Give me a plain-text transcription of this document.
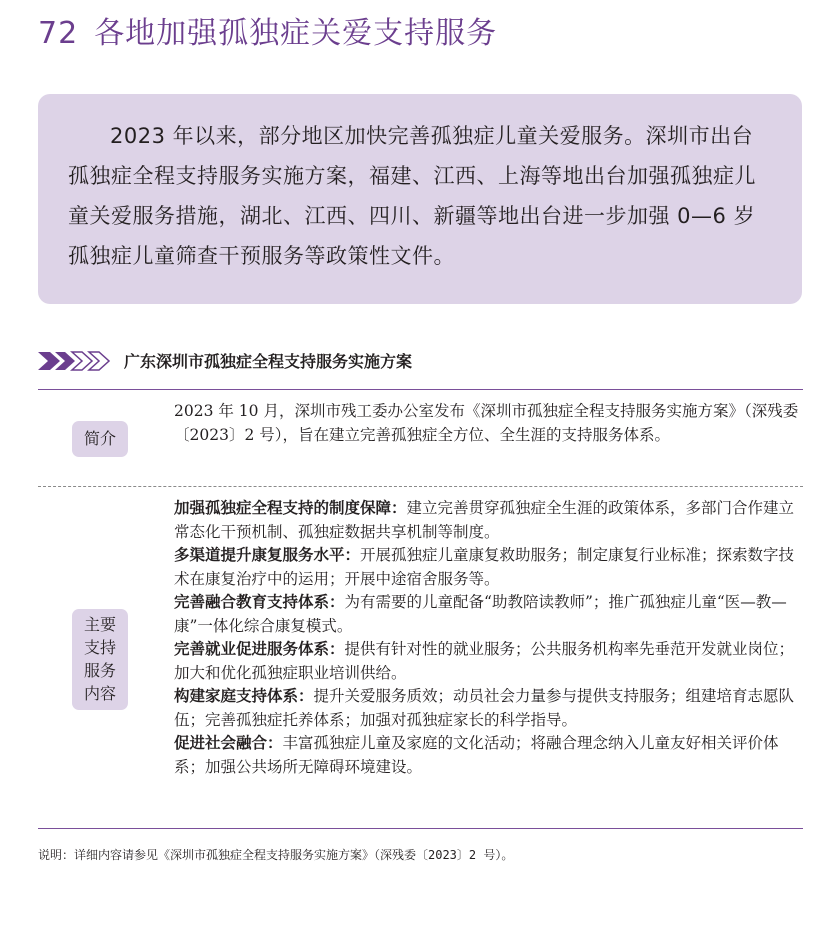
72 各地加强孤独症关爱支持服务

2023 年以来，部分地区加快完善孤独症儿童关爱服务。深圳市出台孤独症全程支持服务实施方案，福建、江西、上海等地出台加强孤独症儿童关爱服务措施，湖北、江西、四川、新疆等地出台进一步加强 0—6 岁孤独症儿童筛查干预服务等政策性文件。

广东深圳市孤独症全程支持服务实施方案
简介

2023 年 10 月，深圳市残工委办公室发布《深圳市孤独症全程支持服务实施方案》（深残委〔2023〕2 号），旨在建立完善孤独症全方位、全生涯的支持服务体系。

主要
支持
服务
内容

加强孤独症全程支持的制度保障：建立完善贯穿孤独症全生涯的政策体系，多部门合作建立常态化干预机制、孤独症数据共享机制等制度。

多渠道提升康复服务水平：开展孤独症儿童康复救助服务；制定康复行业标准；探索数字技术在康复治疗中的运用；开展中途宿舍服务等。

完善融合教育支持体系：为有需要的儿童配备“助教陪读教师”；推广孤独症儿童“医—教—康”一体化综合康复模式。

完善就业促进服务体系：提供有针对性的就业服务；公共服务机构率先垂范开发就业岗位；加大和优化孤独症职业培训供给。

构建家庭支持体系：提升关爱服务质效；动员社会力量参与提供支持服务；组建培育志愿队伍；完善孤独症托养体系；加强对孤独症家长的科学指导。

促进社会融合：丰富孤独症儿童及家庭的文化活动；将融合理念纳入儿童友好相关评价体系；加强公共场所无障碍环境建设。

说明：详细内容请参见《深圳市孤独症全程支持服务实施方案》（深残委〔2023〕2 号）。
